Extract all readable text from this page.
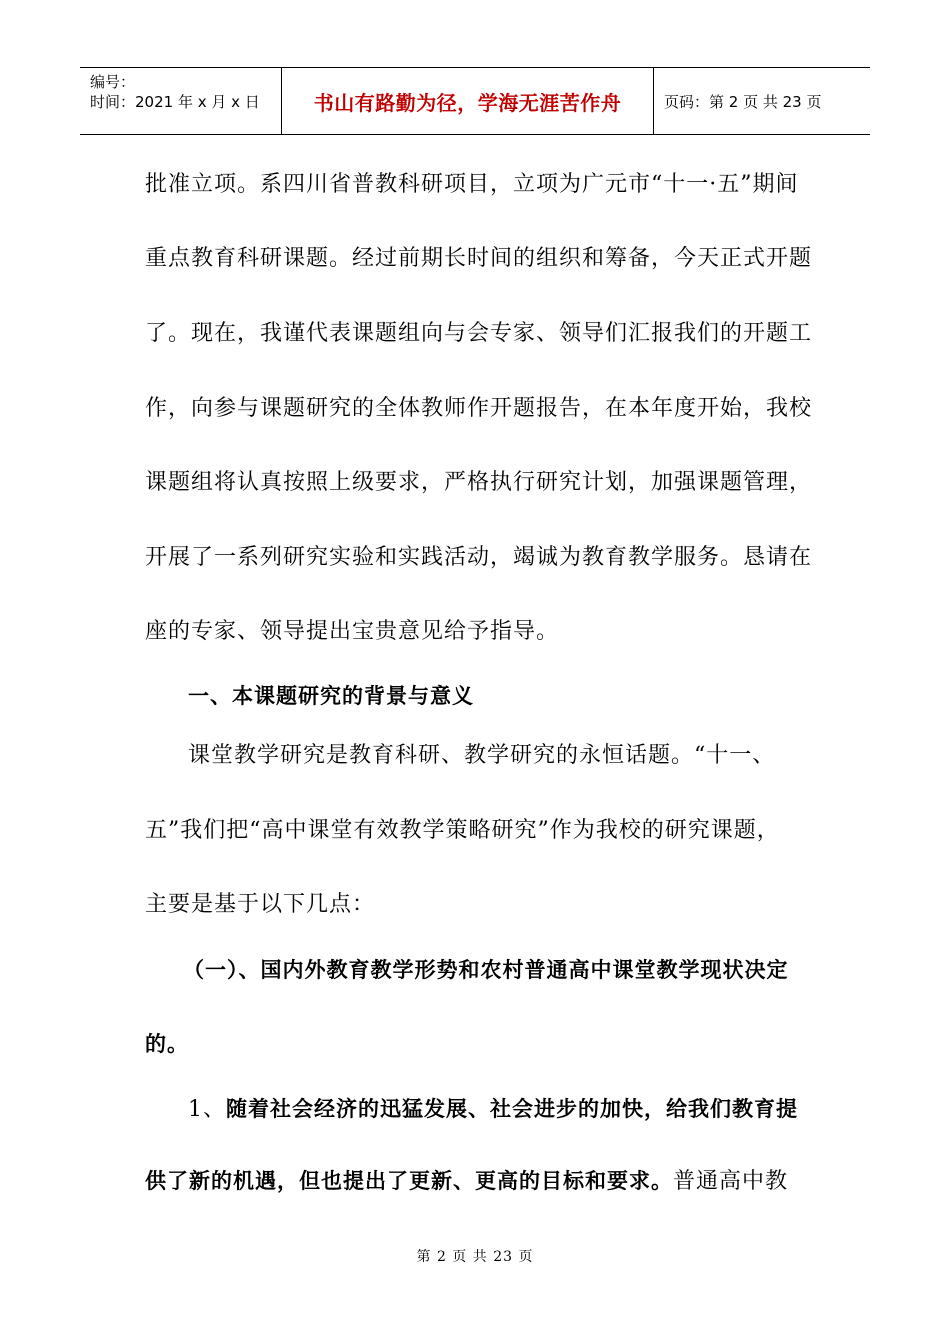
编号：
时间：2021 年 x 月 x 日	书山有路勤为径，学海无涯苦作舟	页码：第 2 页 共 23 页
批准立项。系四川省普教科研项目，立项为广元市“十一·五”期间
重点教育科研课题。经过前期长时间的组织和筹备，今天正式开题
了。现在，我谨代表课题组向与会专家、领导们汇报我们的开题工
作，向参与课题研究的全体教师作开题报告，在本年度开始，我校
课题组将认真按照上级要求，严格执行研究计划，加强课题管理，
开展了一系列研究实验和实践活动，竭诚为教育教学服务。恳请在
座的专家、领导提出宝贵意见给予指导。
一、本课题研究的背景与意义
课堂教学研究是教育科研、教学研究的永恒话题。“十一、
五”我们把“高中课堂有效教学策略研究”作为我校的研究课题，
主要是基于以下几点：
（一）、国内外教育教学形势和农村普通高中课堂教学现状决定
的。
1、随着社会经济的迅猛发展、社会进步的加快，给我们教育提
供了新的机遇，但也提出了更新、更高的目标和要求。普通高中教
第 2 页 共 23 页
